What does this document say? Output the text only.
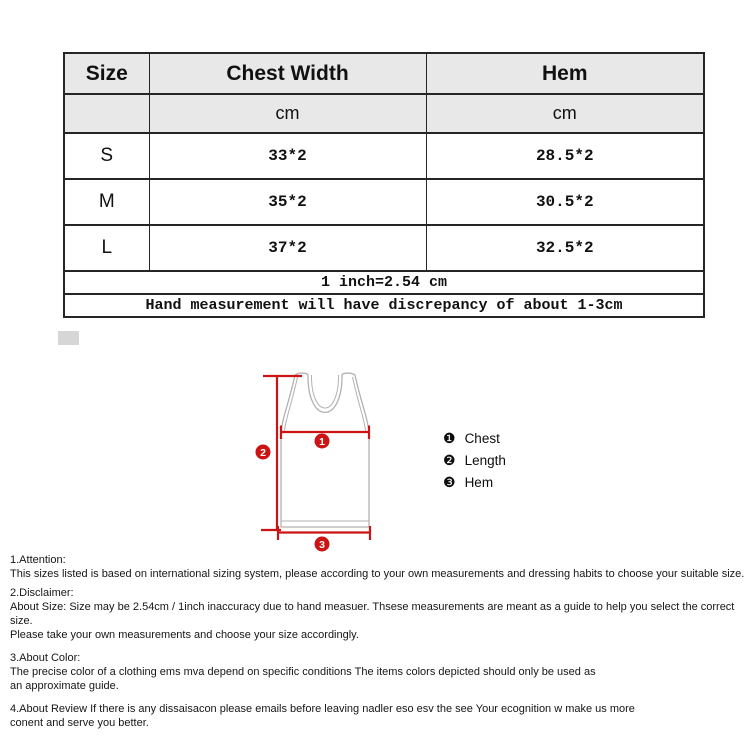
Size	Chest Width	Hem
	cm	cm
S	33*2	28.5*2
M	35*2	30.5*2
L	37*2	32.5*2
1 inch=2.54 cm		
Hand measurement will have discrepancy of about 1-3cm		
1
2
3
❶ Chest
❷ Length
❸ Hem
1.Attention:
This sizes listed is based on international sizing system, please according to your own measurements and dressing habits to choose your suitable size.
2.Disclaimer:
About Size: Size may be 2.54cm / 1inch inaccuracy due to hand measuer. Thsese measurements are meant as a guide to help you select the correct size.
Please take your own measurements and choose your size accordingly.
3.About Color:
The precise color of a clothing ems mva depend on specific conditions The items colors depicted should only be used as
an approximate guide.
4.About Review If there is any dissaisacon please emails before leaving nadler eso esv the see Your ecognition w make us more
conent and serve you better.
